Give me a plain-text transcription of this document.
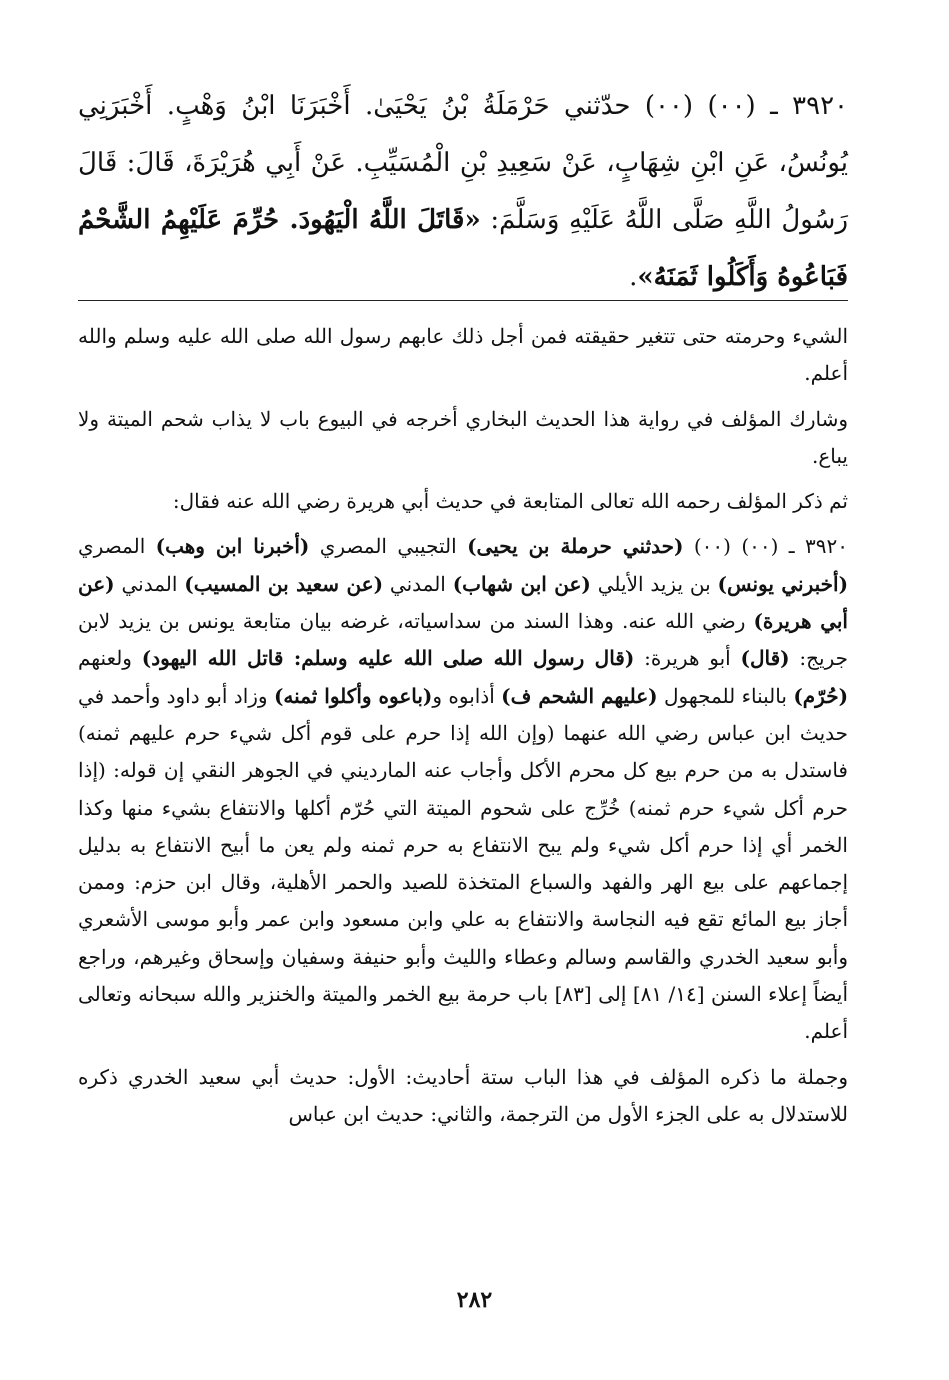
٣٩٢٠ ـ (٠٠) (٠٠) حدّثني حَرْمَلَةُ بْنُ يَحْيَىٰ. أَخْبَرَنَا ابْنُ وَهْبٍ. أَخْبَرَنِي يُونُسُ، عَنِ ابْنِ شِهَابٍ، عَنْ سَعِيدِ بْنِ الْمُسَيِّبِ. عَنْ أَبِي هُرَيْرَةَ، قَالَ: قَالَ رَسُولُ اللَّهِ صَلَّى اللَّهُ عَلَيْهِ وَسَلَّمَ: «قَاتَلَ اللَّهُ الْيَهُودَ. حُرِّمَ عَلَيْهِمُ الشَّحْمُ فَبَاعُوهُ وَأَكَلُوا ثَمَنَهُ».

الشيء وحرمته حتى تتغير حقيقته فمن أجل ذلك عابهم رسول الله صلى الله عليه وسلم والله أعلم.

وشارك المؤلف في رواية هذا الحديث البخاري أخرجه في البيوع باب لا يذاب شحم الميتة ولا يباع.

ثم ذكر المؤلف رحمه الله تعالى المتابعة في حديث أبي هريرة رضي الله عنه فقال:

٣٩٢٠ ـ (٠٠) (٠٠) (حدثني حرملة بن يحيى) التجيبي المصري (أخبرنا ابن وهب) المصري (أخبرني يونس) بن يزيد الأيلي (عن ابن شهاب) المدني (عن سعيد بن المسيب) المدني (عن أبي هريرة) رضي الله عنه. وهذا السند من سداسياته، غرضه بيان متابعة يونس بن يزيد لابن جريج: (قال) أبو هريرة: (قال رسول الله صلى الله عليه وسلم: قاتل الله اليهود) ولعنهم (حُرّم) بالبناء للمجهول (عليهم الشحم ف) أذابوه و(باعوه وأكلوا ثمنه) وزاد أبو داود وأحمد في حديث ابن عباس رضي الله عنهما (وإن الله إذا حرم على قوم أكل شيء حرم عليهم ثمنه) فاستدل به من حرم بيع كل محرم الأكل وأجاب عنه المارديني في الجوهر النقي إن قوله: (إذا حرم أكل شيء حرم ثمنه) خُرِّج على شحوم الميتة التي حُرّم أكلها والانتفاع بشيء منها وكذا الخمر أي إذا حرم أكل شيء ولم يبح الانتفاع به حرم ثمنه ولم يعن ما أبيح الانتفاع به بدليل إجماعهم على بيع الهر والفهد والسباع المتخذة للصيد والحمر الأهلية، وقال ابن حزم: وممن أجاز بيع المائع تقع فيه النجاسة والانتفاع به علي وابن مسعود وابن عمر وأبو موسى الأشعري وأبو سعيد الخدري والقاسم وسالم وعطاء والليث وأبو حنيفة وسفيان وإسحاق وغيرهم، وراجع أيضاً إعلاء السنن [١٤/ ٨١] إلى [٨٣] باب حرمة بيع الخمر والميتة والخنزير والله سبحانه وتعالى أعلم.

وجملة ما ذكره المؤلف في هذا الباب ستة أحاديث: الأول: حديث أبي سعيد الخدري ذكره للاستدلال به على الجزء الأول من الترجمة، والثاني: حديث ابن عباس

٢٨٢
